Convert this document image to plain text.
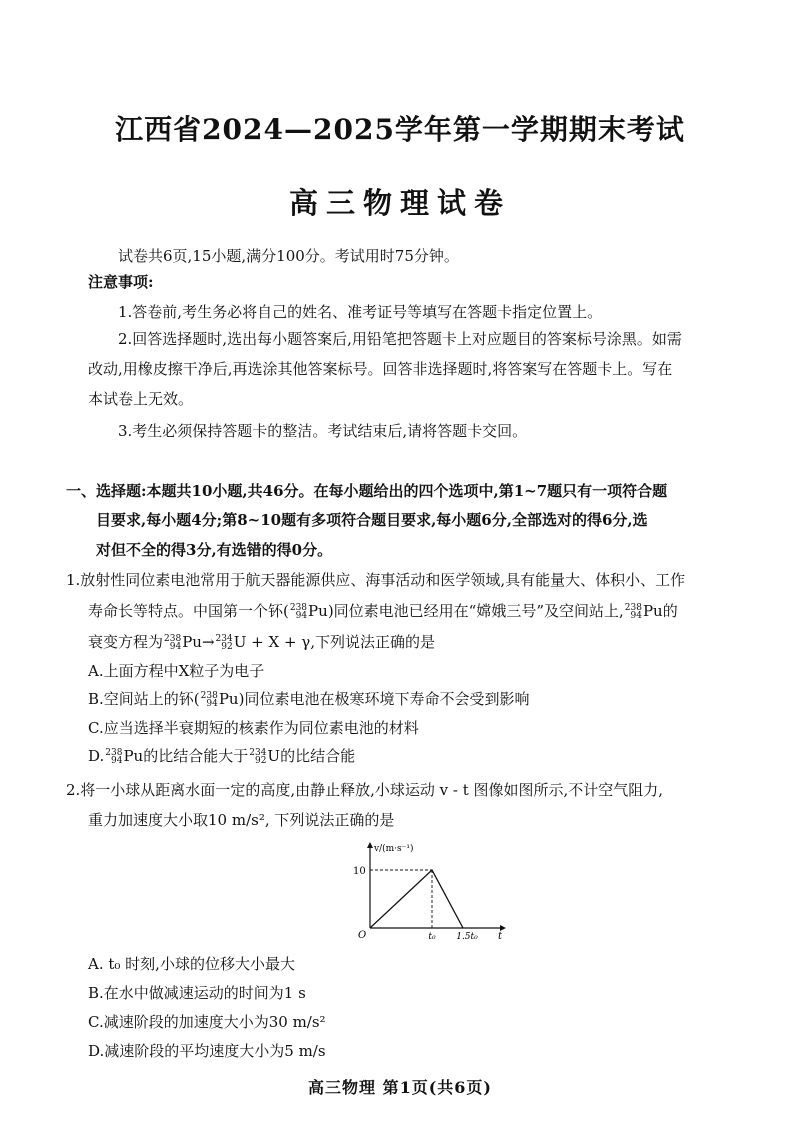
江西省2024—2025学年第一学期期末考试
高三物理试卷
试卷共6页,15小题,满分100分。考试用时75分钟。
注意事项:
1.答卷前,考生务必将自己的姓名、准考证号等填写在答题卡指定位置上。
2.回答选择题时,选出每小题答案后,用铅笔把答题卡上对应题目的答案标号涂黑。如需
改动,用橡皮擦干净后,再选涂其他答案标号。回答非选择题时,将答案写在答题卡上。写在
本试卷上无效。
3.考生必须保持答题卡的整洁。考试结束后,请将答题卡交回。
一、选择题:本题共10小题,共46分。在每小题给出的四个选项中,第1~7题只有一项符合题
目要求,每小题4分;第8~10题有多项符合题目要求,每小题6分,全部选对的得6分,选
对但不全的得3分,有选错的得0分。
1.放射性同位素电池常用于航天器能源供应、海事活动和医学领域,具有能量大、体积小、工作
寿命长等特点。中国第一个钚( 238
94 Pu)同位素电池已经用在“嫦娥三号”及空间站上, 238
94 Pu的
衰变方程为 238
94 Pu→ 234
92 U + X + γ,下列说法正确的是
A.上面方程中X粒子为电子
B.空间站上的钚( 238
94 Pu)同位素电池在极寒环境下寿命不会受到影响
C.应当选择半衰期短的核素作为同位素电池的材料
D. 238
94 Pu的比结合能大于 234
92 U的比结合能
2.将一小球从距离水面一定的高度,由静止释放,小球运动 v - t 图像如图所示,不计空气阻力,
重力加速度大小取10 m/s², 下列说法正确的是
v/(m·s⁻¹)
10
O	t₀ 1.5t₀ t
A. t₀ 时刻,小球的位移大小最大
B.在水中做减速运动的时间为1 s
C.减速阶段的加速度大小为30 m/s²
D.减速阶段的平均速度大小为5 m/s
高三物理 第1页(共6页)
